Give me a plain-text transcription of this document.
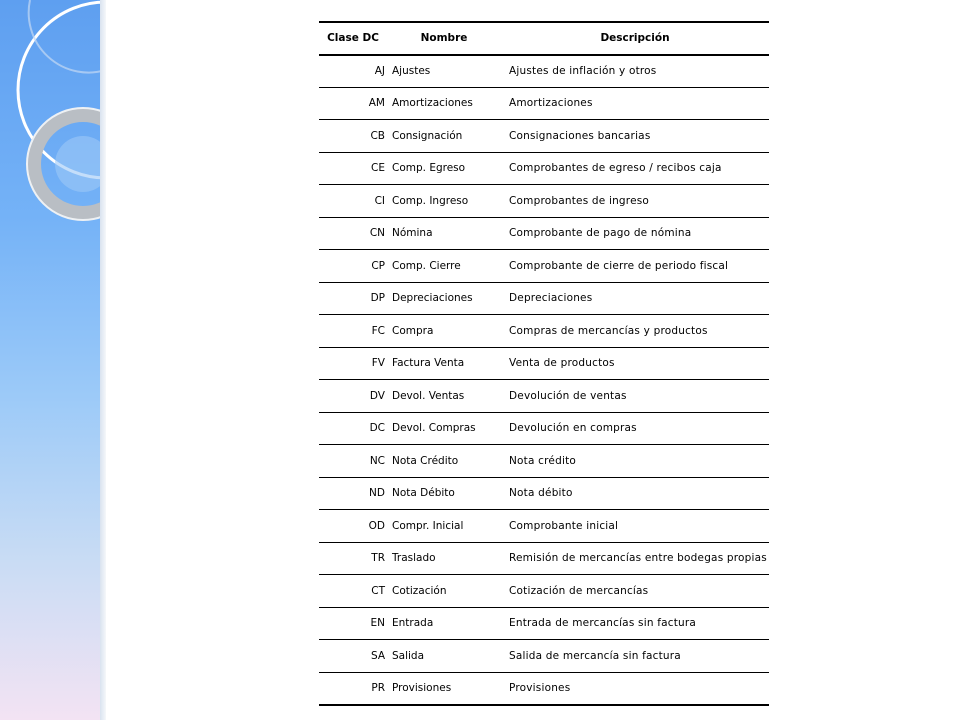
Clase DC	Nombre	Descripción
AJ	Ajustes	Ajustes de inflación y otros
AM	Amortizaciones	Amortizaciones
CB	Consignación	Consignaciones bancarias
CE	Comp. Egreso	Comprobantes de egreso / recibos caja
CI	Comp. Ingreso	Comprobantes de ingreso
CN	Nómina	Comprobante de pago de nómina
CP	Comp. Cierre	Comprobante de cierre de periodo fiscal
DP	Depreciaciones	Depreciaciones
FC	Compra	Compras de mercancías y productos
FV	Factura Venta	Venta de productos
DV	Devol. Ventas	Devolución de ventas
DC	Devol. Compras	Devolución en compras
NC	Nota Crédito	Nota crédito
ND	Nota Débito	Nota débito
OD	Compr. Inicial	Comprobante inicial
TR	Traslado	Remisión de mercancías entre bodegas propias
CT	Cotización	Cotización de mercancías
EN	Entrada	Entrada de mercancías sin factura
SA	Salida	Salida de mercancía sin factura
PR	Provisiones	Provisiones
